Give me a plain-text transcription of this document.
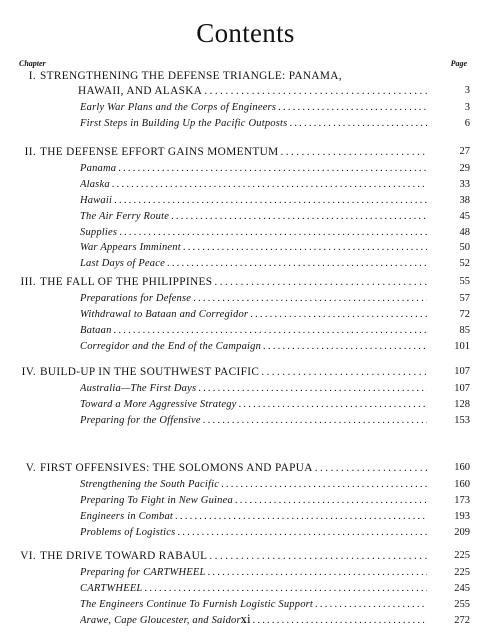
Contents
Chapter	Page
I. STRENGTHENING THE DEFENSE TRIANGLE: PANAMA,
HAWAII, AND ALASKA . . .	3
Early War Plans and the Corps of Engineers . . .	3
First Steps in Building Up the Pacific Outposts . . .	6
II. THE DEFENSE EFFORT GAINS MOMENTUM . . .	27
Panama . . .	29
Alaska . . .	33
Hawaii . . .	38
The Air Ferry Route . . .	45
Supplies . . .	48
War Appears Imminent . . .	50
Last Days of Peace . . .	52
III. THE FALL OF THE PHILIPPINES . . .	55
Preparations for Defense . . .	57
Withdrawal to Bataan and Corregidor . . .	72
Bataan . . .	85
Corregidor and the End of the Campaign . . .	101
IV. BUILD-UP IN THE SOUTHWEST PACIFIC . . .	107
Australia—The First Days . . .	107
Toward a More Aggressive Strategy . . .	128
Preparing for the Offensive . . .	153
V. FIRST OFFENSIVES: THE SOLOMONS AND PAPUA . . .	160
Strengthening the South Pacific . . .	160
Preparing To Fight in New Guinea . . .	173
Engineers in Combat . . .	193
Problems of Logistics . . .	209
VI. THE DRIVE TOWARD RABAUL . . .	225
Preparing for CARTWHEEL . . .	225
CARTWHEEL . . .	245
The Engineers Continue To Furnish Logistic Support . . .	255
Arawe, Cape Gloucester, and Saidor . . .	272
xi
